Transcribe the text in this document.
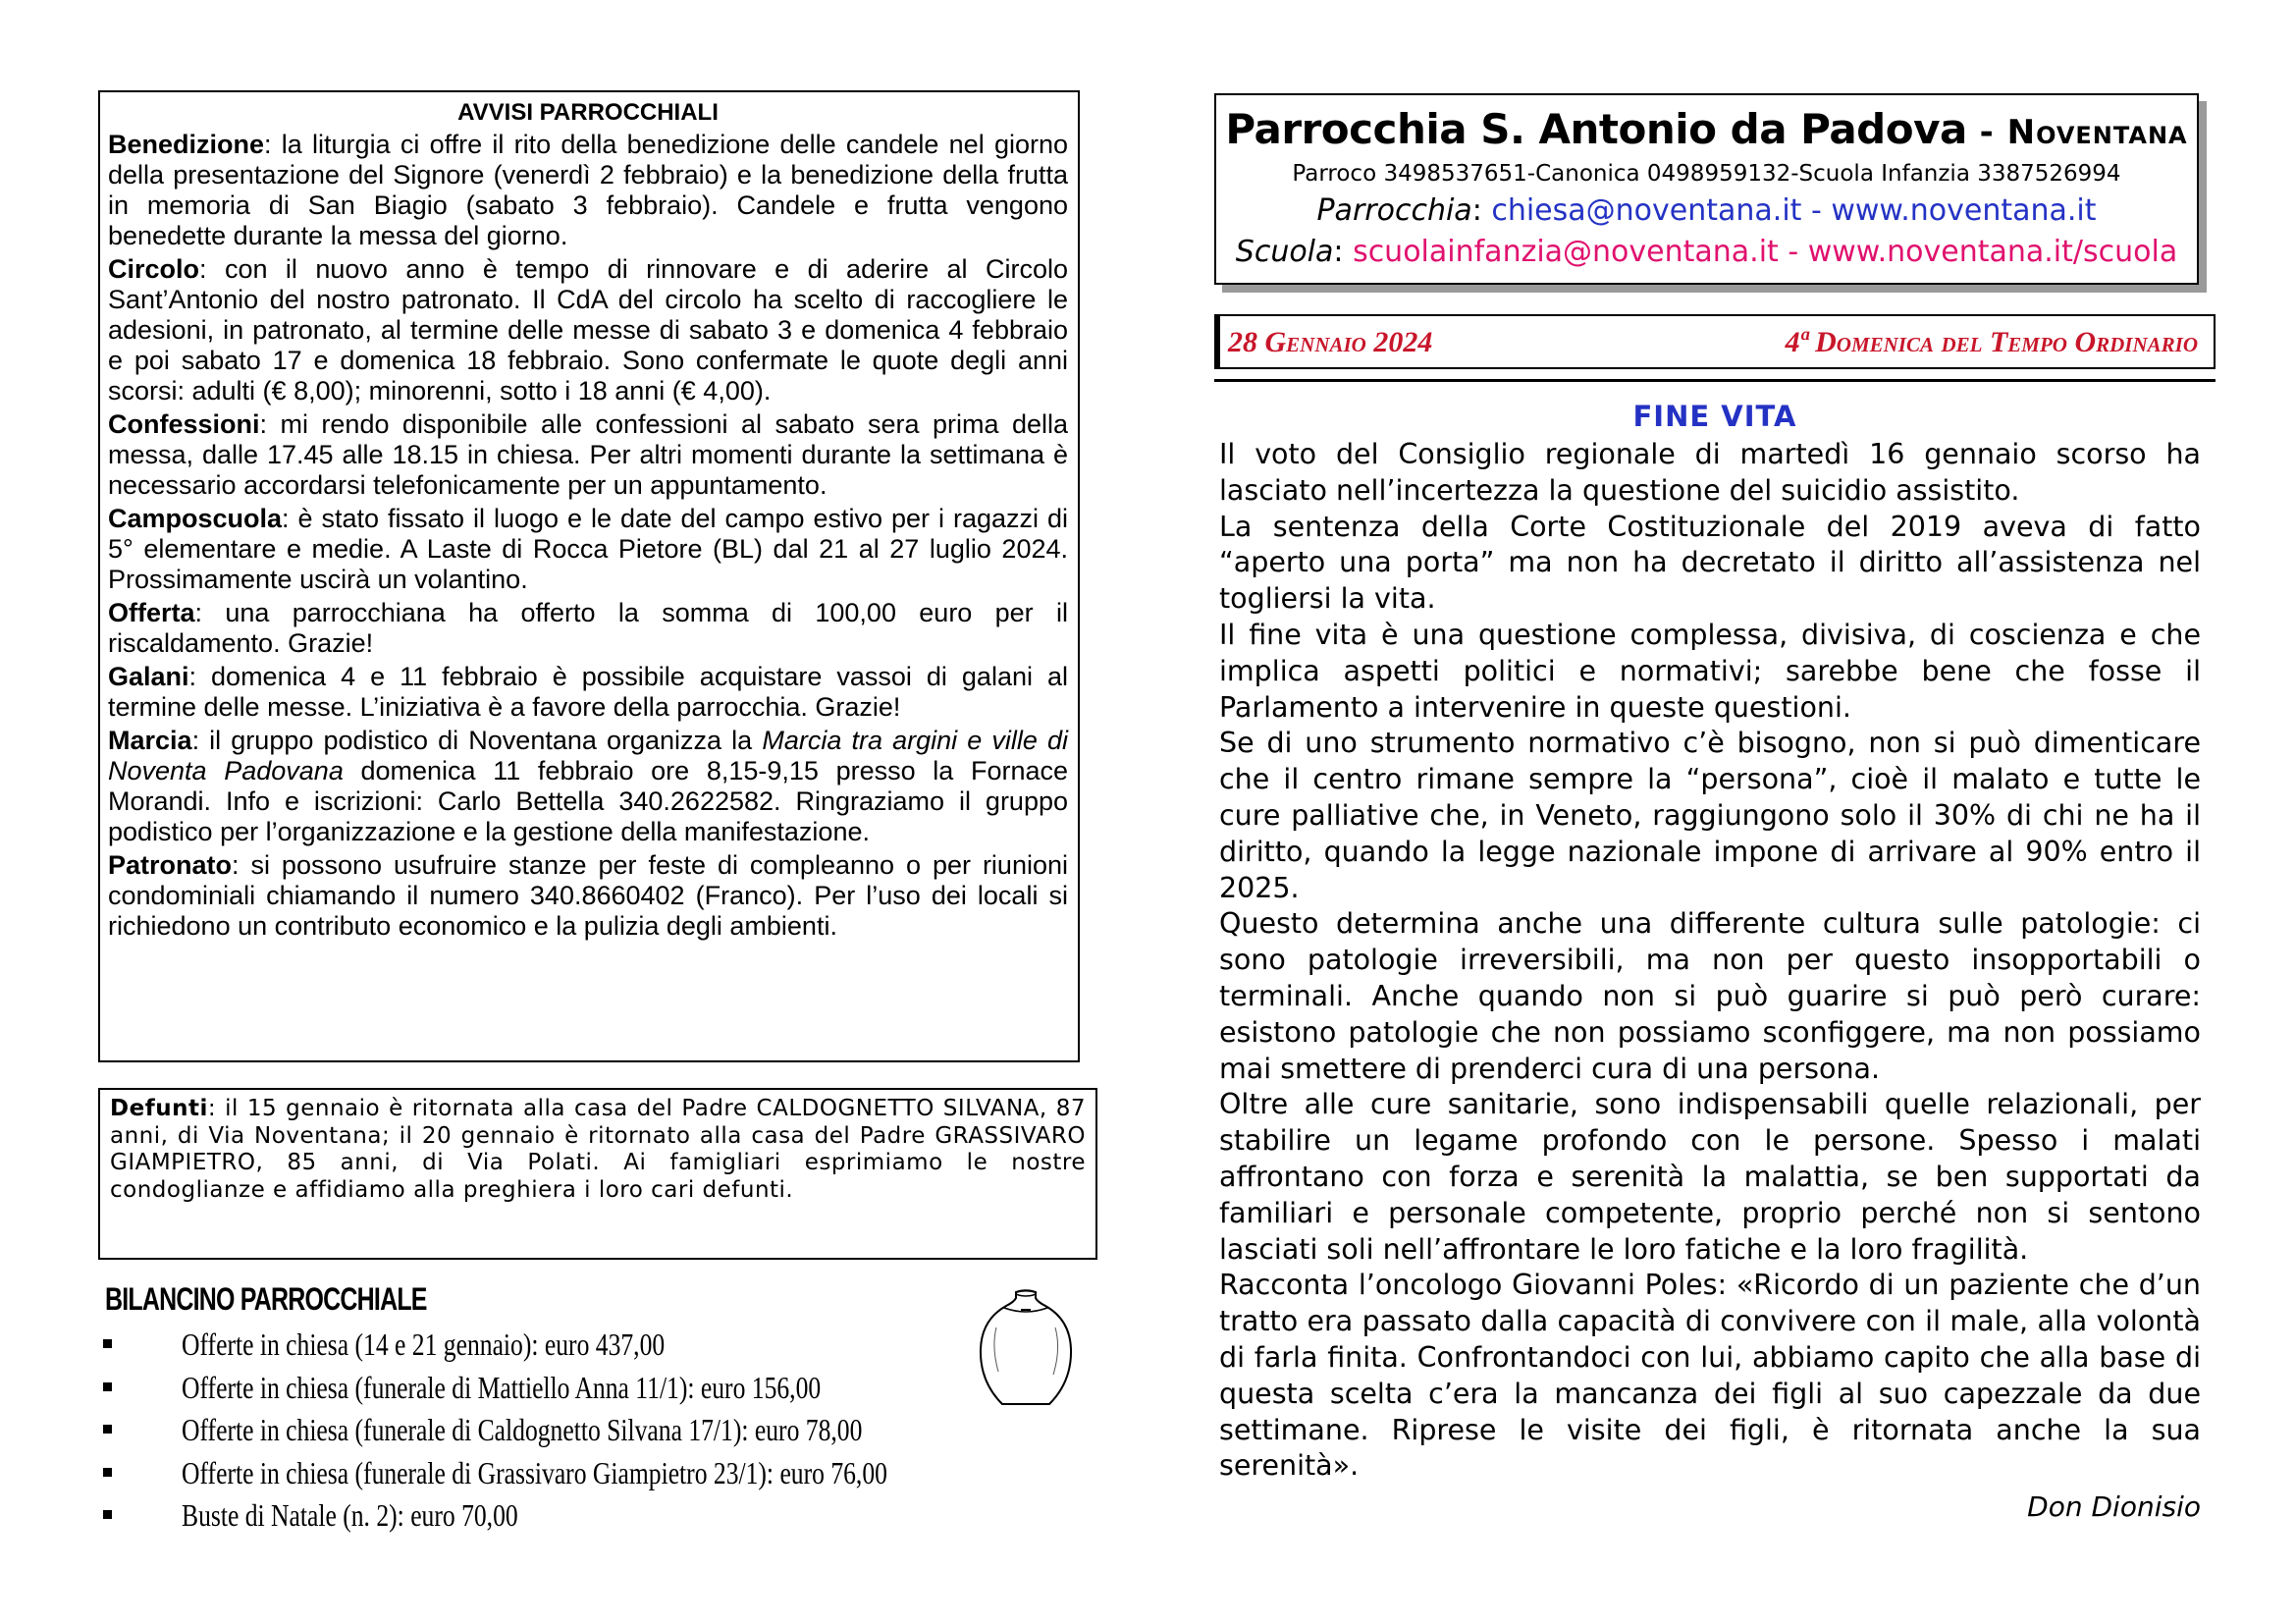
AVVISI PARROCCHIALI

Benedizione: la liturgia ci offre il rito della benedizione delle candele nel giorno della presentazione del Signore (venerdì 2 febbraio) e la benedizione della frutta in memoria di San Biagio (sabato 3 febbraio). Candele e frutta vengono benedette durante la messa del giorno.

Circolo: con il nuovo anno è tempo di rinnovare e di aderire al Circolo Sant’Antonio del nostro patronato. Il CdA del circolo ha scelto di raccogliere le adesioni, in patronato, al termine delle messe di sabato 3 e domenica 4 febbraio e poi sabato 17 e domenica 18 febbraio. Sono confermate le quote degli anni scorsi: adulti (€ 8,00); minorenni, sotto i 18 anni (€ 4,00).

Confessioni: mi rendo disponibile alle confessioni al sabato sera prima della messa, dalle 17.45 alle 18.15 in chiesa. Per altri momenti durante la settimana è necessario accordarsi telefonicamente per un appuntamento.

Camposcuola: è stato fissato il luogo e le date del campo estivo per i ragazzi di 5° elementare e medie. A Laste di Rocca Pietore (BL) dal 21 al 27 luglio 2024. Prossimamente uscirà un volantino.

Offerta: una parrocchiana ha offerto la somma di 100,00 euro per il riscaldamento. Grazie!

Galani: domenica 4 e 11 febbraio è possibile acquistare vassoi di galani al termine delle messe. L’iniziativa è a favore della parrocchia. Grazie!

Marcia: il gruppo podistico di Noventana organizza la Marcia tra argini e ville di Noventa Padovana domenica 11 febbraio ore 8,15-9,15 presso la Fornace Morandi. Info e iscrizioni: Carlo Bettella 340.2622582. Ringraziamo il gruppo podistico per l’organizzazione e la gestione della manifestazione.

Patronato: si possono usufruire stanze per feste di compleanno o per riunioni condominiali chiamando il numero 340.8660402 (Franco). Per l’uso dei locali si richiedono un contributo economico e la pulizia degli ambienti.

Defunti: il 15 gennaio è ritornata alla casa del Padre CALDOGNETTO SILVANA, 87 anni, di Via Noventana; il 20 gennaio è ritornato alla casa del Padre GRASSIVARO GIAMPIETRO, 85 anni, di Via Polati. Ai famigliari esprimiamo le nostre condoglianze e affidiamo alla preghiera i loro cari defunti.
BILANCINO PARROCCHIALE
Offerte in chiesa (14 e 21 gennaio): euro 437,00
Offerte in chiesa (funerale di Mattiello Anna 11/1): euro 156,00
Offerte in chiesa (funerale di Caldognetto Silvana 17/1): euro 78,00
Offerte in chiesa (funerale di Grassivaro Giampietro 23/1): euro 76,00
Buste di Natale (n. 2): euro 70,00
Parrocchia S. Antonio da Padova - Noventana
Parroco 3498537651-Canonica 0498959132-Scuola Infanzia 3387526994
Parrocchia: chiesa@noventana.it - www.noventana.it
Scuola: scuolainfanzia@noventana.it - www.noventana.it/scuola
28 Gennaio 2024	4ª Domenica del Tempo Ordinario
FINE VITA

Il voto del Consiglio regionale di martedì 16 gennaio scorso ha lasciato nell’incertezza la questione del suicidio assistito.

La sentenza della Corte Costituzionale del 2019 aveva di fatto “aperto una porta” ma non ha decretato il diritto all’assistenza nel togliersi la vita.

Il fine vita è una questione complessa, divisiva, di coscienza e che implica aspetti politici e normativi; sarebbe bene che fosse il Parlamento a intervenire in queste questioni.

Se di uno strumento normativo c’è bisogno, non si può dimenticare che il centro rimane sempre la “persona”, cioè il malato e tutte le cure palliative che, in Veneto, raggiungono solo il 30% di chi ne ha il diritto, quando la legge nazionale impone di arrivare al 90% entro il 2025.

Questo determina anche una differente cultura sulle patologie: ci sono patologie irreversibili, ma non per questo insopportabili o terminali. Anche quando non si può guarire si può però curare: esistono patologie che non possiamo sconfiggere, ma non possiamo mai smettere di prenderci cura di una persona.

Oltre alle cure sanitarie, sono indispensabili quelle relazionali, per stabilire un legame profondo con le persone. Spesso i malati affrontano con forza e serenità la malattia, se ben supportati da familiari e personale competente, proprio perché non si sentono lasciati soli nell’affrontare le loro fatiche e la loro fragilità.

Racconta l’oncologo Giovanni Poles: «Ricordo di un paziente che d’un tratto era passato dalla capacità di convivere con il male, alla volontà di farla finita. Confrontandoci con lui, abbiamo capito che alla base di questa scelta c’era la mancanza dei figli al suo capezzale da due settimane. Riprese le visite dei figli, è ritornata anche la sua serenità».

Don Dionisio
